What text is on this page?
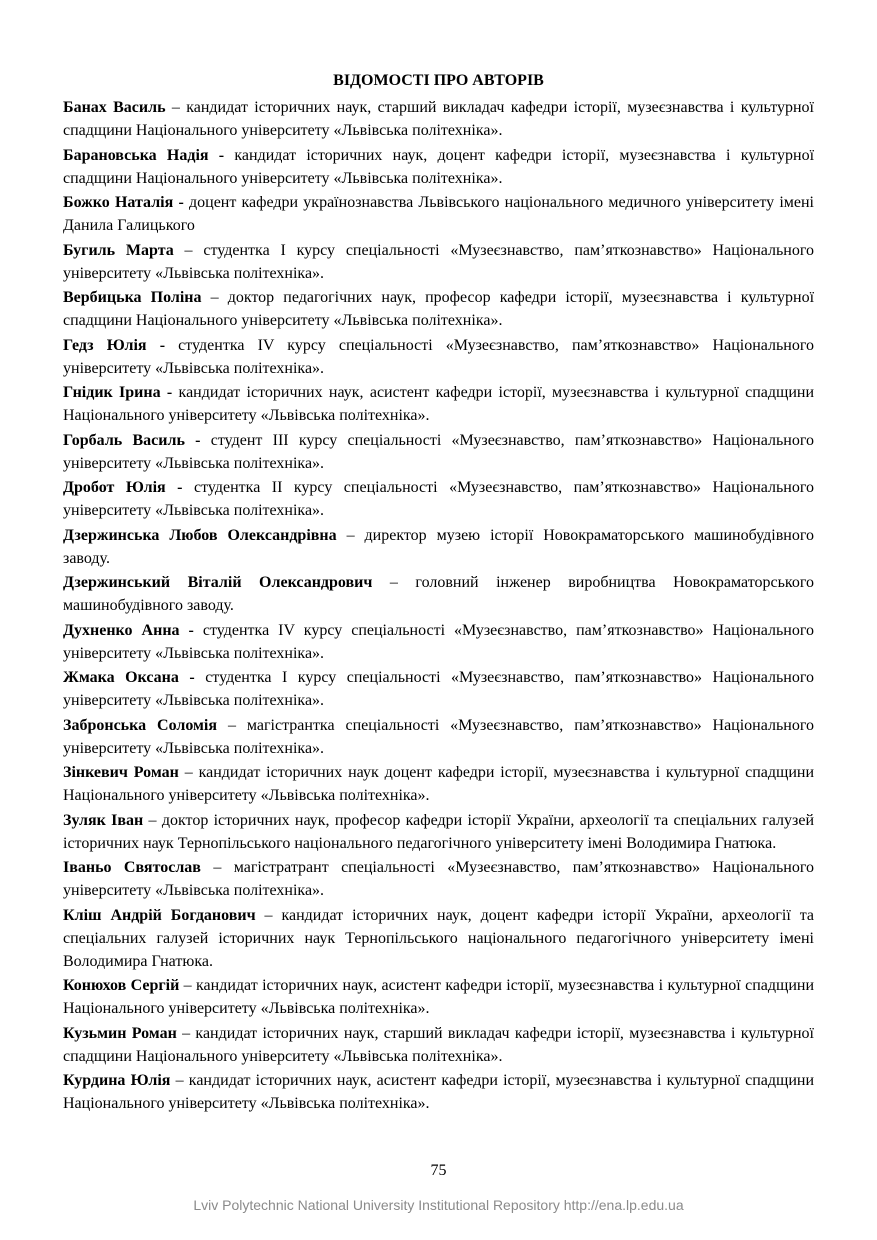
ВІДОМОСТІ ПРО АВТОРІВ

Банах Василь – кандидат історичних наук, старший викладач кафедри історії, музеєзнавства і культурної спадщини Національного університету «Львівська політехніка».

Барановська Надія - кандидат історичних наук, доцент кафедри історії, музеєзнавства і культурної спадщини Національного університету «Львівська політехніка».

Божко Наталія - доцент кафедри українознавства Львівського національного медичного університету імені Данила Галицького

Бугиль Марта – студентка І курсу спеціальності «Музеєзнавство, пам’яткознавство» Національного університету «Львівська політехніка».

Вербицька Поліна – доктор педагогічних наук, професор кафедри історії, музеєзнавства і культурної спадщини Національного університету «Львівська політехніка».

Гедз Юлія - студентка IV курсу спеціальності «Музеєзнавство, пам’яткознавство» Національного університету «Львівська політехніка».

Гнідик Ірина - кандидат історичних наук, асистент кафедри історії, музеєзнавства і культурної спадщини Національного університету «Львівська політехніка».

Горбаль Василь - студент ІІІ курсу спеціальності «Музеєзнавство, пам’яткознавство» Національного університету «Львівська політехніка».

Дробот Юлія - студентка ІІ курсу спеціальності «Музеєзнавство, пам’яткознавство» Національного університету «Львівська політехніка».

Дзержинська Любов Олександрівна – директор музею історії Новокраматорського машинобудівного заводу.

Дзержинський Віталій Олександрович – головний інженер виробництва Новокраматорського машинобудівного заводу.

Духненко Анна - студентка IV курсу спеціальності «Музеєзнавство, пам’яткознавство» Національного університету «Львівська політехніка».

Жмака Оксана - студентка I курсу спеціальності «Музеєзнавство, пам’яткознавство» Національного університету «Львівська політехніка».

Забронська Соломія – магістрантка спеціальності «Музеєзнавство, пам’яткознавство» Національного університету «Львівська політехніка».

Зінкевич Роман – кандидат історичних наук доцент кафедри історії, музеєзнавства і культурної спадщини Національного університету «Львівська політехніка».

Зуляк Іван – доктор історичних наук, професор кафедри історії України, археології та спеціальних галузей історичних наук Тернопільського національного педагогічного університету імені Володимира Гнатюка.

Іваньо Святослав – магістратрант спеціальності «Музеєзнавство, пам’яткознавство» Національного університету «Львівська політехніка».

Кліш Андрій Богданович – кандидат історичних наук, доцент кафедри історії України, археології та спеціальних галузей історичних наук Тернопільського національного педагогічного університету імені Володимира Гнатюка.

Конюхов Сергій – кандидат історичних наук, асистент кафедри історії, музеєзнавства і культурної спадщини Національного університету «Львівська політехніка».

Кузьмин Роман – кандидат історичних наук, старший викладач кафедри історії, музеєзнавства і культурної спадщини Національного університету «Львівська політехніка».

Курдина Юлія – кандидат історичних наук, асистент кафедри історії, музеєзнавства і культурної спадщини Національного університету «Львівська політехніка».

75
Lviv Polytechnic National University Institutional Repository http://ena.lp.edu.ua
